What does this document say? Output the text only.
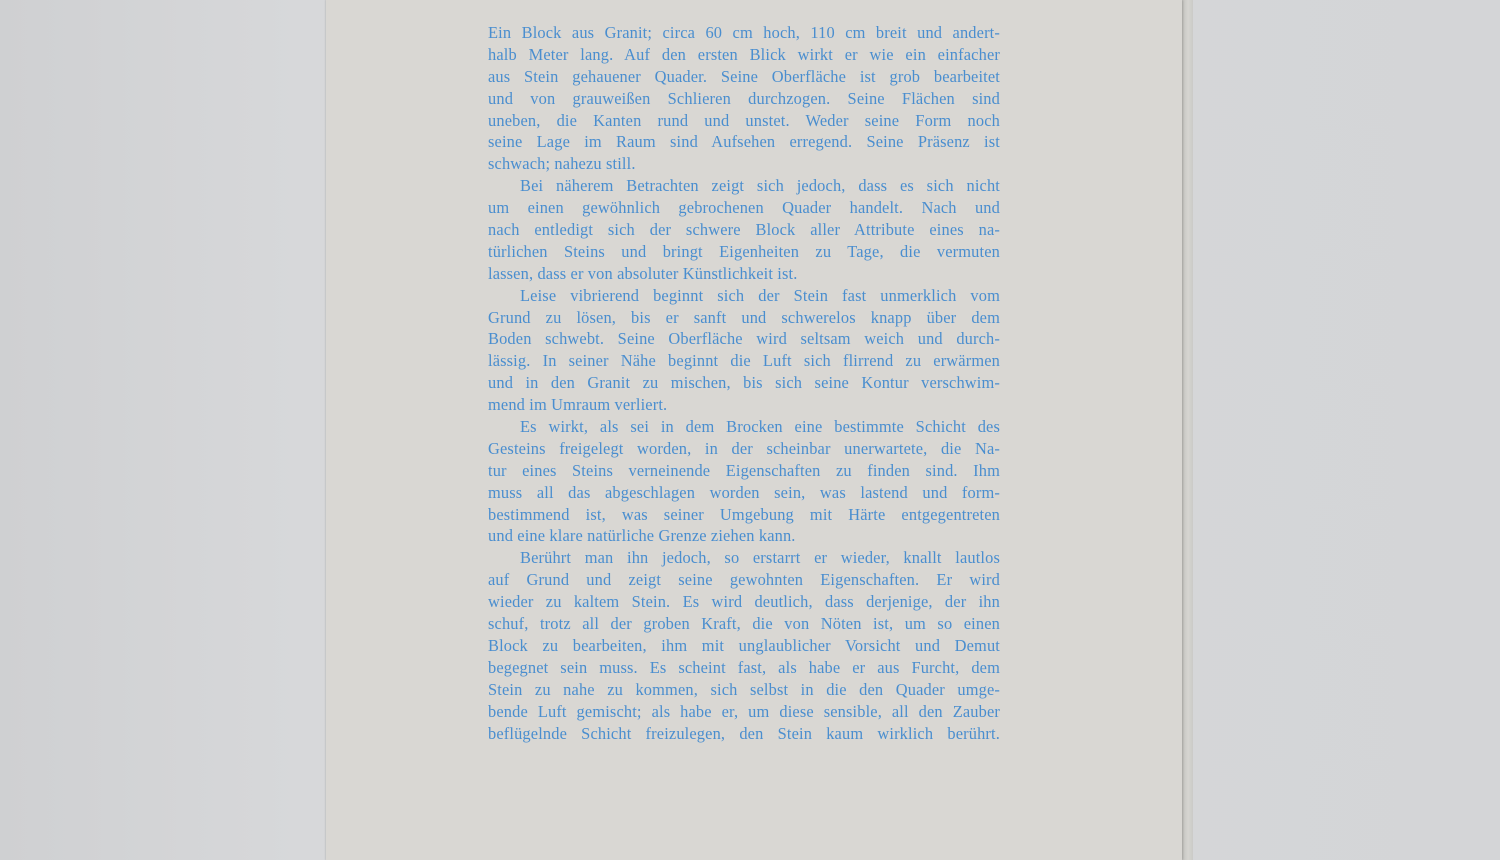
Ein Block aus Granit; circa 60 cm hoch, 110 cm breit und andert-
halb Meter lang. Auf den ersten Blick wirkt er wie ein einfacher
aus Stein gehauener Quader. Seine Oberfläche ist grob bearbeitet
und von grauweißen Schlieren durchzogen. Seine Flächen sind
uneben, die Kanten rund und unstet. Weder seine Form noch
seine Lage im Raum sind Aufsehen erregend. Seine Präsenz ist
schwach; nahezu still.

Bei näherem Betrachten zeigt sich jedoch, dass es sich nicht
um einen gewöhnlich gebrochenen Quader handelt. Nach und
nach entledigt sich der schwere Block aller Attribute eines na-
türlichen Steins und bringt Eigenheiten zu Tage, die vermuten
lassen, dass er von absoluter Künstlichkeit ist.

Leise vibrierend beginnt sich der Stein fast unmerklich vom
Grund zu lösen, bis er sanft und schwerelos knapp über dem
Boden schwebt. Seine Oberfläche wird seltsam weich und durch-
lässig. In seiner Nähe beginnt die Luft sich flirrend zu erwärmen
und in den Granit zu mischen, bis sich seine Kontur verschwim-
mend im Umraum verliert.

Es wirkt, als sei in dem Brocken eine bestimmte Schicht des
Gesteins freigelegt worden, in der scheinbar unerwartete, die Na-
tur eines Steins verneinende Eigenschaften zu finden sind. Ihm
muss all das abgeschlagen worden sein, was lastend und form-
bestimmend ist, was seiner Umgebung mit Härte entgegentreten
und eine klare natürliche Grenze ziehen kann.

Berührt man ihn jedoch, so erstarrt er wieder, knallt lautlos
auf Grund und zeigt seine gewohnten Eigenschaften. Er wird
wieder zu kaltem Stein. Es wird deutlich, dass derjenige, der ihn
schuf, trotz all der groben Kraft, die von Nöten ist, um so einen
Block zu bearbeiten, ihm mit unglaublicher Vorsicht und Demut
begegnet sein muss. Es scheint fast, als habe er aus Furcht, dem
Stein zu nahe zu kommen, sich selbst in die den Quader umge-
bende Luft gemischt; als habe er, um diese sensible, all den Zauber
beflügelnde Schicht freizulegen, den Stein kaum wirklich berührt.
